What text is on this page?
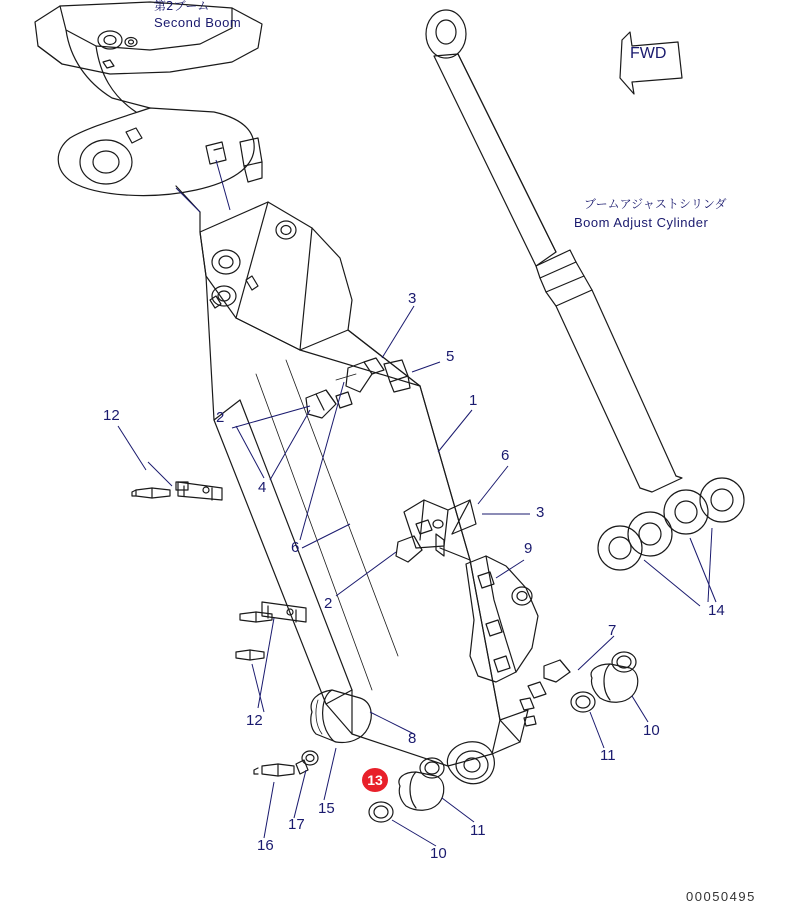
第2ブーム
Second Boom
ブームアジャストシリンダ
Boom Adjust Cylinder
FWD
00050495
3
5
1
12	2
4
6
3
6	9
2	14
12
7
10
11
8
15
17
16
11
10
13
